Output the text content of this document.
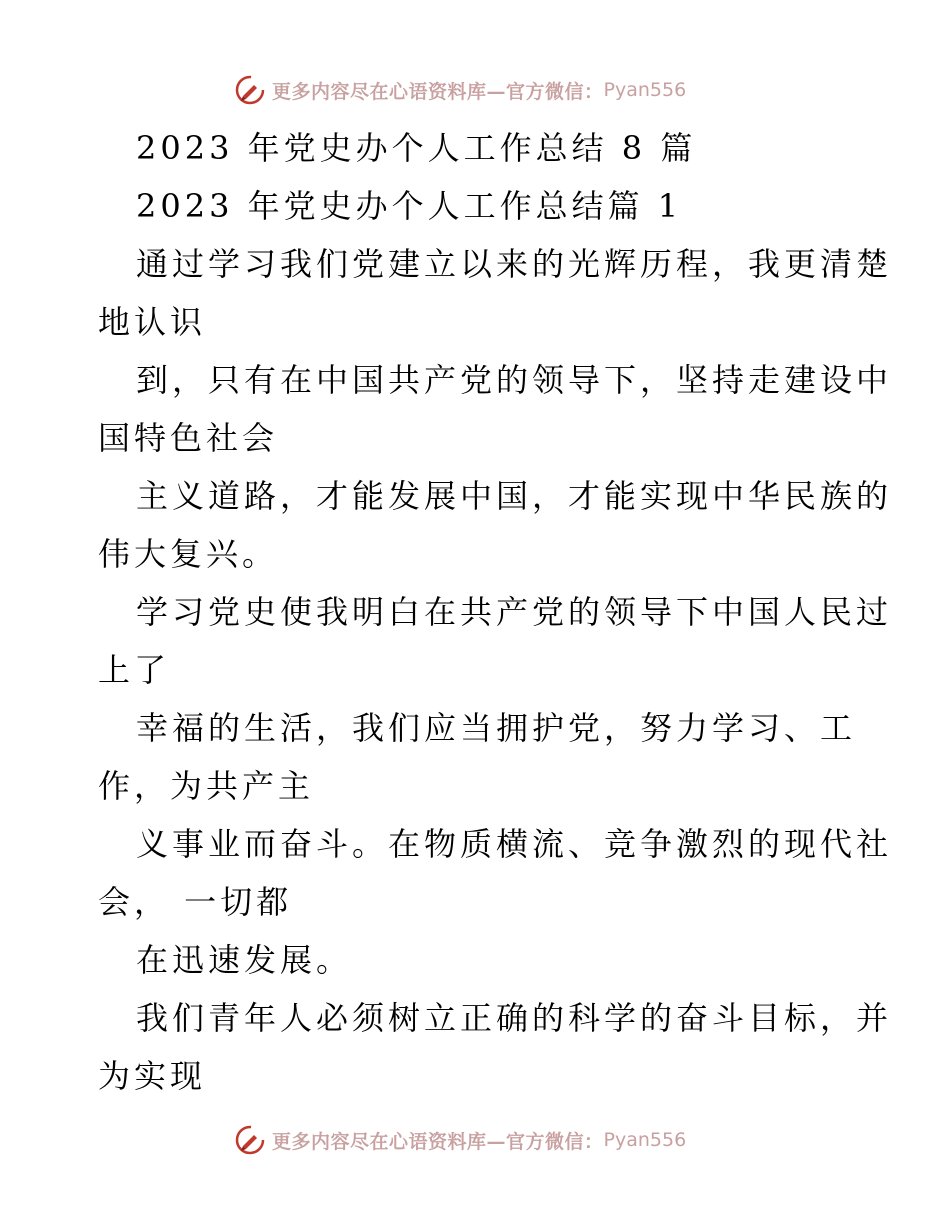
更多内容尽在心语资料库—官方微信： Pyan556
2023 年党史办个人工作总结 8 篇
2023 年党史办个人工作总结篇 1
通过学习我们党建立以来的光辉历程，我更清楚
地认识
到，只有在中国共产党的领导下，坚持走建设中
国特色社会
主义道路，才能发展中国，才能实现中华民族的
伟大复兴。
学习党史使我明白在共产党的领导下中国人民过
上了
幸福的生活，我们应当拥护党，努力学习、工
作，为共产主
义事业而奋斗。在物质横流、竞争激烈的现代社
会， 一切都
在迅速发展。
我们青年人必须树立正确的科学的奋斗目标，并
为实现
更多内容尽在心语资料库—官方微信： Pyan556
